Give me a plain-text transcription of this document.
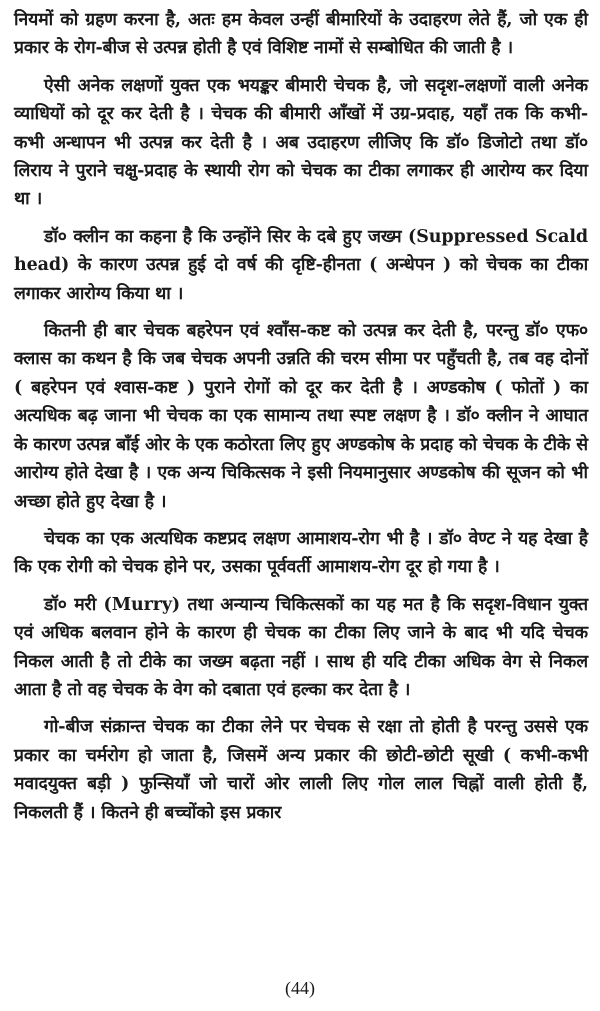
नियमों को ग्रहण करना है, अतः हम केवल उन्हीं बीमारियों के उदाहरण लेते हैं, जो एक ही प्रकार के रोग-बीज से उत्पन्न होती है एवं विशिष्ट नामों से सम्बोधित की जाती है ।

ऐसी अनेक लक्षणों युक्त एक भयङ्कर बीमारी चेचक है, जो सदृश-लक्षणों वाली अनेक व्याधियों को दूर कर देती है । चेचक की बीमारी आँखों में उग्र-प्रदाह, यहाँ तक कि कभी-कभी अन्धापन भी उत्पन्न कर देती है । अब उदाहरण लीजिए कि डॉ० डिजोटो तथा डॉ० लिराय ने पुराने चक्षु-प्रदाह के स्थायी रोग को चेचक का टीका लगाकर ही आरोग्य कर दिया था ।

डॉ० क्लीन का कहना है कि उन्होंने सिर के दबे हुए जख्म (Suppressed Scald head) के कारण उत्पन्न हुई दो वर्ष की दृष्टि-हीनता ( अन्धेपन ) को चेचक का टीका लगाकर आरोग्य किया था ।

कितनी ही बार चेचक बहरेपन एवं श्वाँस-कष्ट को उत्पन्न कर देती है, परन्तु डॉ० एफ० क्लास का कथन है कि जब चेचक अपनी उन्नति की चरम सीमा पर पहुँचती है, तब वह दोनों ( बहरेपन एवं श्वास-कष्ट ) पुराने रोगों को दूर कर देती है । अण्डकोष ( फोतों ) का अत्यधिक बढ़ जाना भी चेचक का एक सामान्य तथा स्पष्ट लक्षण है । डॉ० क्लीन ने आघात के कारण उत्पन्न बाँई ओर के एक कठोरता लिए हुए अण्डकोष के प्रदाह को चेचक के टीके से आरोग्य होते देखा है । एक अन्य चिकित्सक ने इसी नियमानुसार अण्डकोष की सूजन को भी अच्छा होते हुए देखा है ।

चेचक का एक अत्यधिक कष्टप्रद लक्षण आमाशय-रोग भी है । डॉ० वेण्ट ने यह देखा है कि एक रोगी को चेचक होने पर, उसका पूर्ववर्ती आमाशय-रोग दूर हो गया है ।

डॉ० मरी (Murry) तथा अन्यान्य चिकित्सकों का यह मत है कि सदृश-विधान युक्त एवं अधिक बलवान होने के कारण ही चेचक का टीका लिए जाने के बाद भी यदि चेचक निकल आती है तो टीके का जख्म बढ़ता नहीं । साथ ही यदि टीका अधिक वेग से निकल आता है तो वह चेचक के वेग को दबाता एवं हल्का कर देता है ।

गो-बीज संक्रान्त चेचक का टीका लेने पर चेचक से रक्षा तो होती है परन्तु उससे एक प्रकार का चर्मरोग हो जाता है, जिसमें अन्य प्रकार की छोटी-छोटी सूखी ( कभी-कभी मवादयुक्त बड़ी ) फुन्सियाँ जो चारों ओर लाली लिए गोल लाल चिह्नों वाली होती हैं, निकलती हैं । कितने ही बच्चोंको इस प्रकार

(44)
